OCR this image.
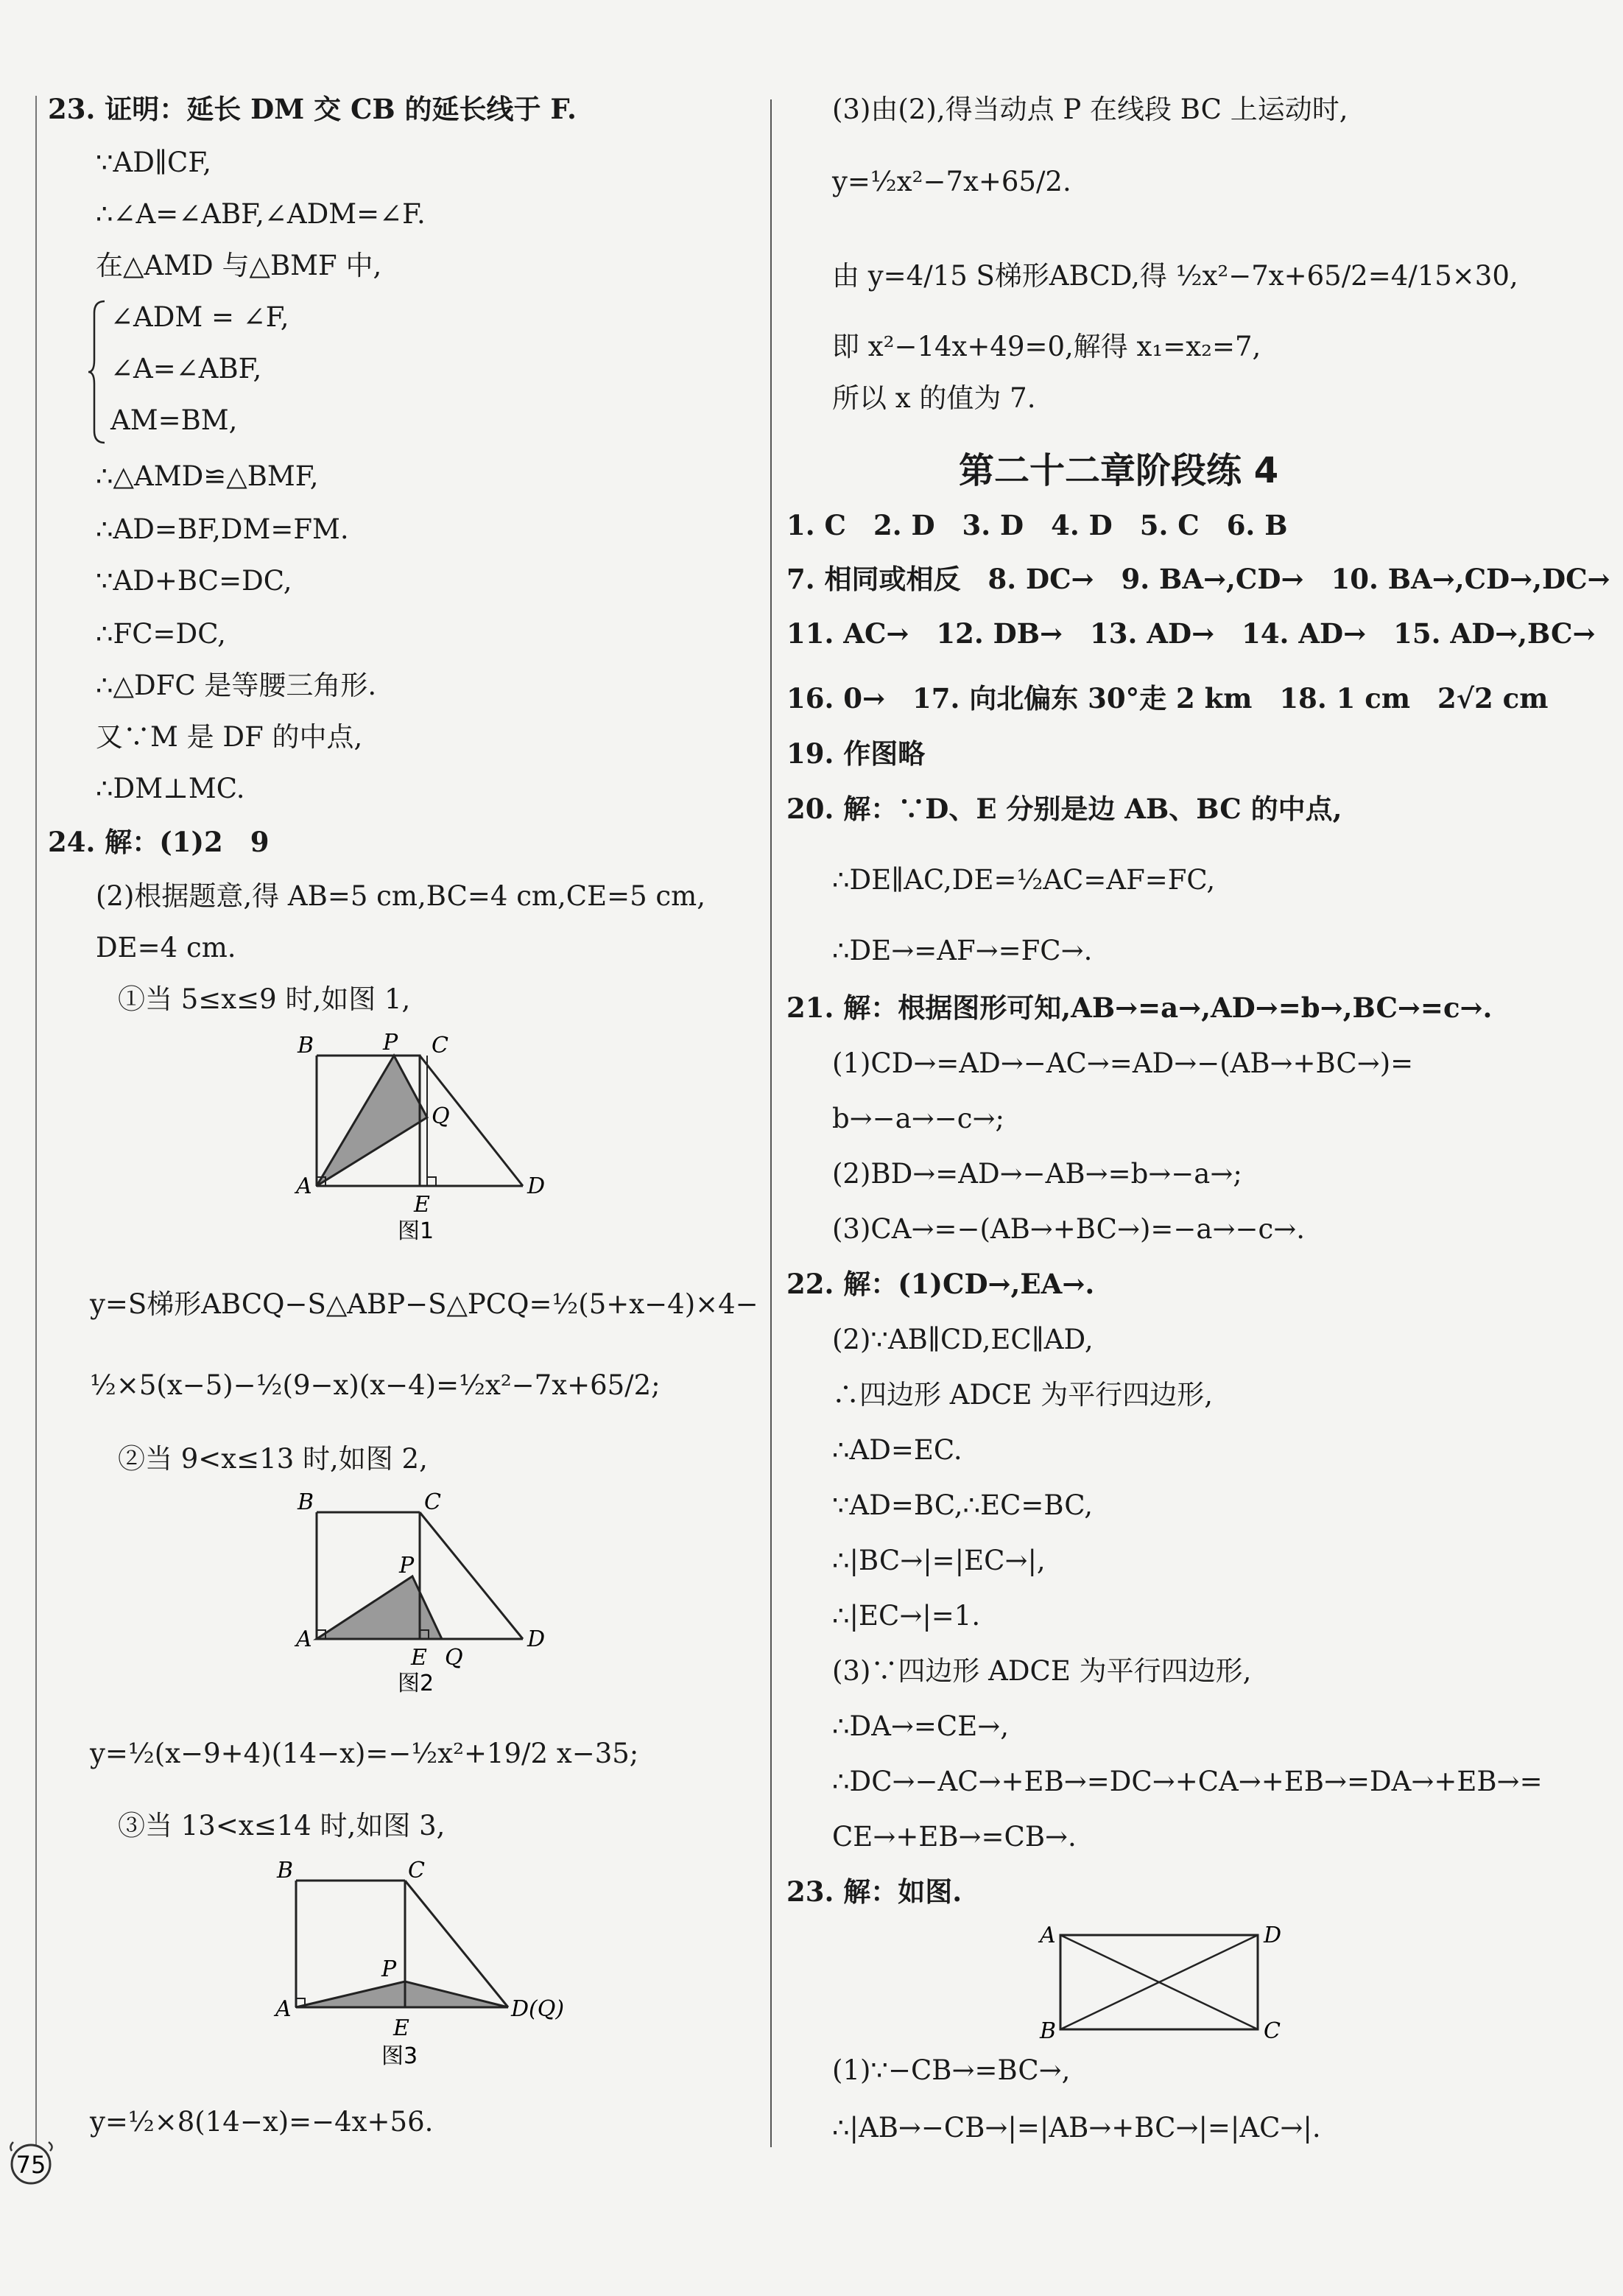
23. 证明：延长 DM 交 CB 的延长线于 F.
∵AD∥CF,
∴∠A=∠ABF,∠ADM=∠F.
在△AMD 与△BMF 中,
∠ADM = ∠F,
∠A=∠ABF,
AM=BM,
∴△AMD≌△BMF,
∴AD=BF,DM=FM.
∵AD+BC=DC,
∴FC=DC,
∴△DFC 是等腰三角形.
又∵M 是 DF 的中点,
∴DM⊥MC.
24. 解：(1)2　9
(2)根据题意,得 AB=5 cm,BC=4 cm,CE=5 cm,
DE=4 cm.
①当 5≤x≤9 时,如图 1,
B	P C
Q
A
E
D
图1
y=S梯形ABCQ−S△ABP−S△PCQ=½(5+x−4)×4−
½×5(x−5)−½(9−x)(x−4)=½x²−7x+65/2;
②当 9<x≤13 时,如图 2,
B	C
P
A
E Q
D
图2
y=½(x−9+4)(14−x)=−½x²+19/2 x−35;
③当 13<x≤14 时,如图 3,
B	C
P
A
E
D(Q)
图3
y=½×8(14−x)=−4x+56.
75
(3)由(2),得当动点 P 在线段 BC 上运动时,
y=½x²−7x+65/2.
由 y=4/15 S梯形ABCD,得 ½x²−7x+65/2=4/15×30,
即 x²−14x+49=0,解得 x₁=x₂=7,
所以 x 的值为 7.
第二十二章阶段练 4
1. C　2. D　3. D　4. D　5. C　6. B
7. 相同或相反　8. DC→　9. BA→,CD→　10. BA→,CD→,DC→
11. AC→　12. DB→　13. AD→　14. AD→　15. AD→,BC→
16. 0→　17. 向北偏东 30°走 2 km　18. 1 cm　2√2 cm
19. 作图略
20. 解：∵D、E 分别是边 AB、BC 的中点,
∴DE∥AC,DE=½AC=AF=FC,
∴DE→=AF→=FC→.
21. 解：根据图形可知,AB→=a→,AD→=b→,BC→=c→.
(1)CD→=AD→−AC→=AD→−(AB→+BC→)=
b→−a→−c→;
(2)BD→=AD→−AB→=b→−a→;
(3)CA→=−(AB→+BC→)=−a→−c→.
22. 解：(1)CD→,EA→.
(2)∵AB∥CD,EC∥AD,
∴四边形 ADCE 为平行四边形,
∴AD=EC.
∵AD=BC,∴EC=BC,
∴|BC→|=|EC→|,
∴|EC→|=1.
(3)∵四边形 ADCE 为平行四边形,
∴DA→=CE→,
∴DC→−AC→+EB→=DC→+CA→+EB→=DA→+EB→=
CE→+EB→=CB→.
23. 解：如图.
A	D
B	C
(1)∵−CB→=BC→,
∴|AB→−CB→|=|AB→+BC→|=|AC→|.
